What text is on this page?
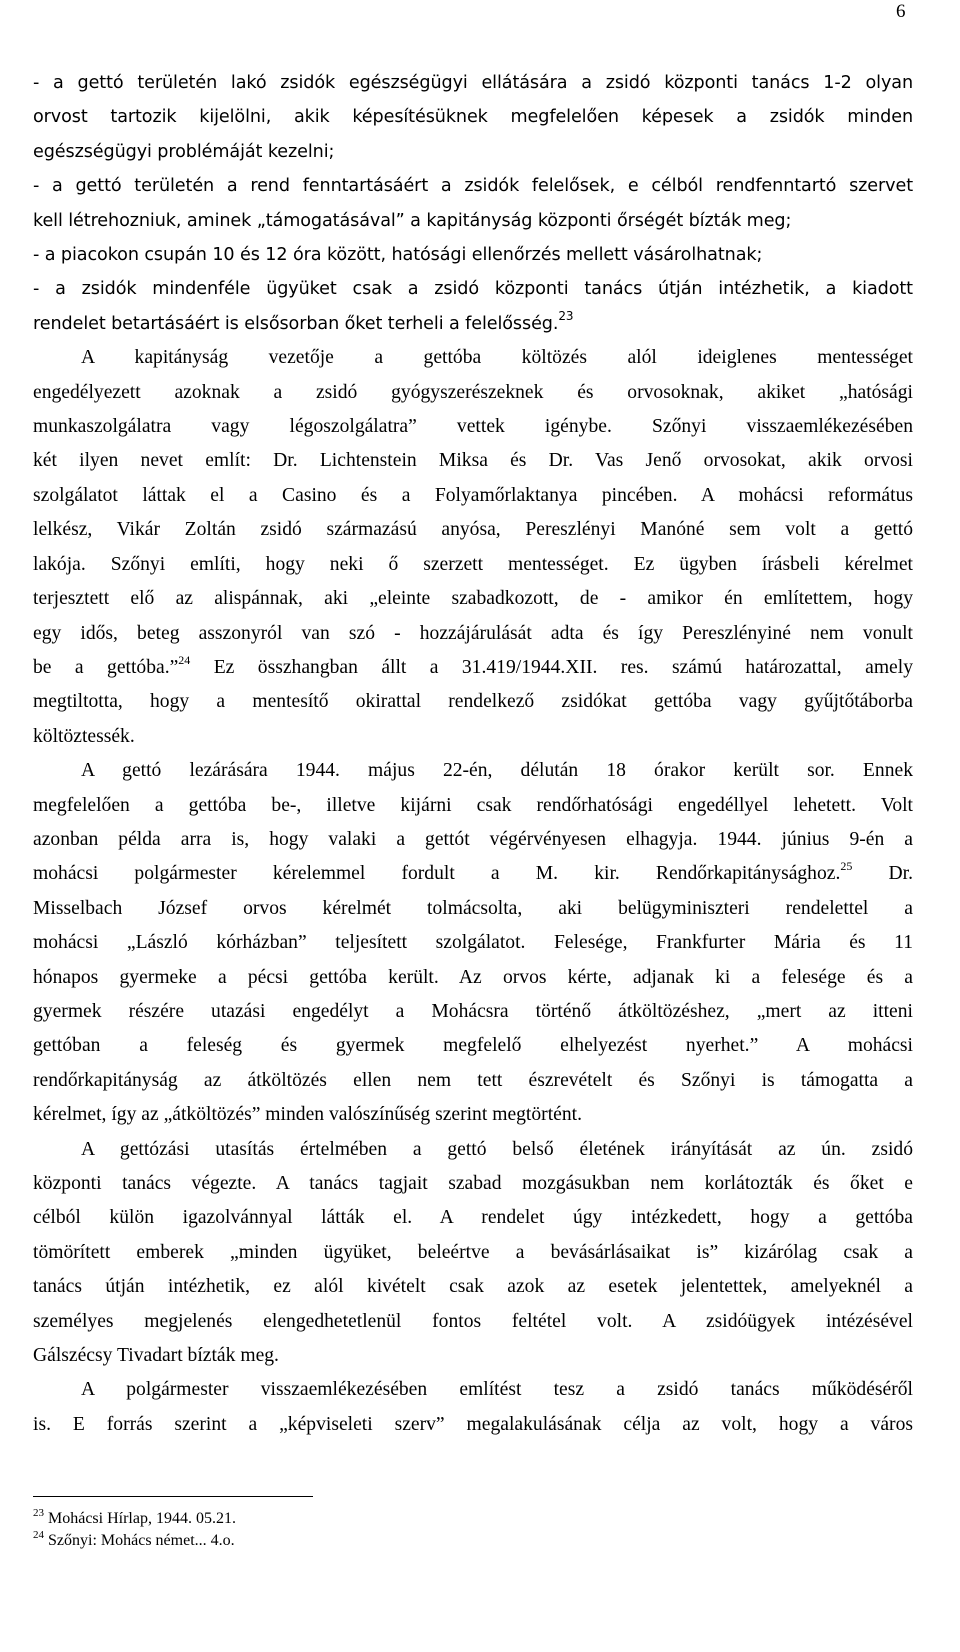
6

- a gettó területén lakó zsidók egészségügyi ellátására a zsidó központi tanács 1-2 olyan

orvost tartozik kijelölni, akik képesítésüknek megfelelően képesek a zsidók minden

egészségügyi problémáját kezelni;

- a gettó területén a rend fenntartásáért a zsidók felelősek, e célból rendfenntartó szervet

kell létrehozniuk, aminek „támogatásával” a kapitányság központi őrségét bízták meg;

- a piacokon csupán 10 és 12 óra között, hatósági ellenőrzés mellett vásárolhatnak;

- a zsidók mindenféle ügyüket csak a zsidó központi tanács útján intézhetik, a kiadott

rendelet betartásáért is elsősorban őket terheli a felelősség.$^{23}$

A kapitányság vezetője a gettóba költözés alól ideiglenes mentességet

engedélyezett azoknak a zsidó gyógyszerészeknek és orvosoknak, akiket „hatósági

munkaszolgálatra vagy légoszolgálatra” vettek igénybe. Szőnyi visszaemlékezésében

két ilyen nevet említ: Dr. Lichtenstein Miksa és Dr. Vas Jenő orvosokat, akik orvosi

szolgálatot láttak el a Casino és a Folyamőrlaktanya pincében. A mohácsi református

lelkész, Vikár Zoltán zsidó származású anyósa, Pereszlényi Manóné sem volt a gettó

lakója. Szőnyi említi, hogy neki ő szerzett mentességet. Ez ügyben írásbeli kérelmet

terjesztett elő az alispánnak, aki „eleinte szabadkozott, de - amikor én említettem, hogy

egy idős, beteg asszonyról van szó - hozzájárulását adta és így Pereszlényiné nem vonult

be a gettóba.”$^{24}$ Ez összhangban állt a 31.419/1944.XII. res. számú határozattal, amely

megtiltotta, hogy a mentesítő okirattal rendelkező zsidókat gettóba vagy gyűjtőtáborba

költöztessék.

A gettó lezárására 1944. május 22-én, délután 18 órakor került sor. Ennek

megfelelően a gettóba be-, illetve kijárni csak rendőrhatósági engedéllyel lehetett. Volt

azonban példa arra is, hogy valaki a gettót végérvényesen elhagyja. 1944. június 9-én a

mohácsi polgármester kérelemmel fordult a M. kir. Rendőrkapitánysághoz.$^{25}$ Dr.

Misselbach József orvos kérelmét tolmácsolta, aki belügyminiszteri rendelettel a

mohácsi „László kórházban” teljesített szolgálatot. Felesége, Frankfurter Mária és 11

hónapos gyermeke a pécsi gettóba került. Az orvos kérte, adjanak ki a felesége és a

gyermek részére utazási engedélyt a Mohácsra történő átköltözéshez, „mert az itteni

gettóban a feleség és gyermek megfelelő elhelyezést nyerhet.” A mohácsi

rendőrkapitányság az átköltözés ellen nem tett észrevételt és Szőnyi is támogatta a

kérelmet, így az „átköltözés” minden valószínűség szerint megtörtént.

A gettózási utasítás értelmében a gettó belső életének irányítását az ún. zsidó

központi tanács végezte. A tanács tagjait szabad mozgásukban nem korlátozták és őket e

célból külön igazolvánnyal látták el. A rendelet úgy intézkedett, hogy a gettóba

tömörített emberek „minden ügyüket, beleértve a bevásárlásaikat is” kizárólag csak a

tanács útján intézhetik, ez alól kivételt csak azok az esetek jelentettek, amelyeknél a

személyes megjelenés elengedhetetlenül fontos feltétel volt. A zsidóügyek intézésével

Gálszécsy Tivadart bízták meg.

A polgármester visszaemlékezésében említést tesz a zsidó tanács működéséről

is. E forrás szerint a „képviseleti szerv” megalakulásának célja az volt, hogy a város

$^{23}$ Mohácsi Hírlap, 1944. 05.21.

$^{24}$ Szőnyi: Mohács német... 4.o.
